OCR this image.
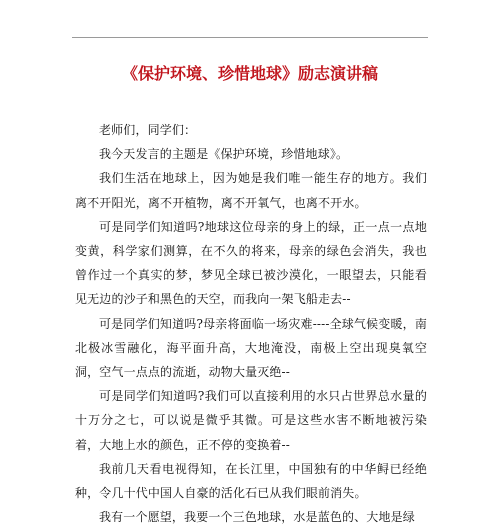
《保护环境、珍惜地球》励志演讲稿

老师们，同学们：

我今天发言的主题是《保护环境，珍惜地球》。

我们生活在地球上，因为她是我们唯一能生存的地方。我们离不开阳光，离不开植物，离不开氧气，也离不开水。

可是同学们知道吗?地球这位母亲的身上的绿，正一点一点地变黄，科学家们测算，在不久的将来，母亲的绿色会消失，我也曾作过一个真实的梦，梦见全球已被沙漠化，一眼望去，只能看见无边的沙子和黑色的天空，而我向一架飞船走去--

可是同学们知道吗?母亲将面临一场灾难----全球气候变暖，南北极冰雪融化，海平面升高，大地淹没，南极上空出现臭氧空洞，空气一点点的流逝，动物大量灭绝--

可是同学们知道吗?我们可以直接利用的水只占世界总水量的十万分之七，可以说是微乎其微。可是这些水害不断地被污染着，大地上水的颜色，正不停的变换着--

我前几天看电视得知，在长江里，中国独有的中华鲟已经绝种，令几十代中国人自豪的活化石已从我们眼前消失。

我有一个愿望，我要一个三色地球，水是蓝色的、大地是绿
